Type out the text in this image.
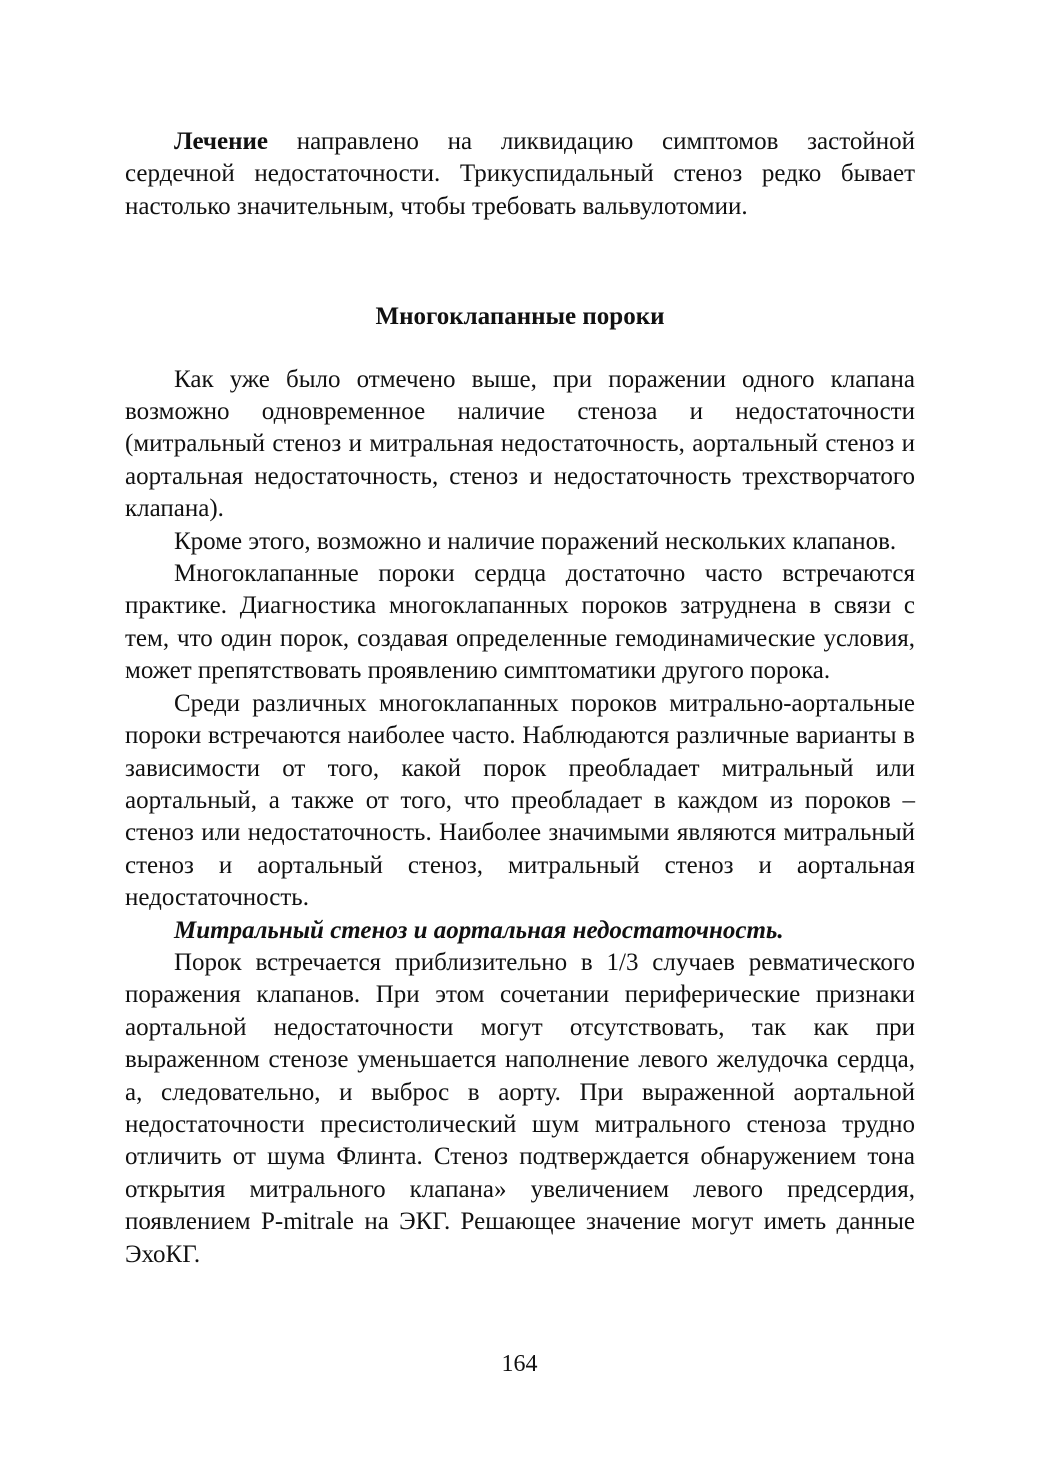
Лечение направлено на ликвидацию симптомов застойной сердечной недостаточности. Трикуспидальный стеноз редко бывает настолько значительным, чтобы требовать вальвулотомии.

Многоклапанные пороки

Как уже было отмечено выше, при поражении одного клапана возможно одновременное наличие стеноза и недостаточности (митральный стеноз и митральная недостаточность, аортальный стеноз и аортальная недостаточность, стеноз и недостаточность трехстворчатого клапана).

Кроме этого, возможно и наличие поражений нескольких клапанов.

Многоклапанные пороки сердца достаточно часто встречаются практике. Диагностика многоклапанных пороков затруднена в связи с тем, что один порок, создавая определенные гемодинамические условия, может препятствовать проявлению симптоматики другого порока.

Среди различных многоклапанных пороков митрально-аортальные пороки встречаются наиболее часто. Наблюдаются различные варианты в зависимости от того, какой порок преобладает митральный или аортальный, а также от того, что преобладает в каждом из пороков – стеноз или недостаточность. Наиболее значимыми являются митральный стеноз и аортальный стеноз, митральный стеноз и аортальная недостаточность.

Митральный стеноз и аортальная недостаточность.

Порок встречается приблизительно в 1/3 случаев ревматического поражения клапанов. При этом сочетании периферические признаки аортальной недостаточности могут отсутствовать, так как при выраженном стенозе уменьшается наполнение левого желудочка сердца, а, следовательно, и выброс в аорту. При выраженной аортальной недостаточности пресистолический шум митрального стеноза трудно отличить от шума Флинта. Стеноз подтверждается обнаружением тона открытия митрального клапана» увеличением левого предсердия, появлением P-mitrale на ЭКГ. Решающее значение могут иметь данные ЭхоКГ.

164
